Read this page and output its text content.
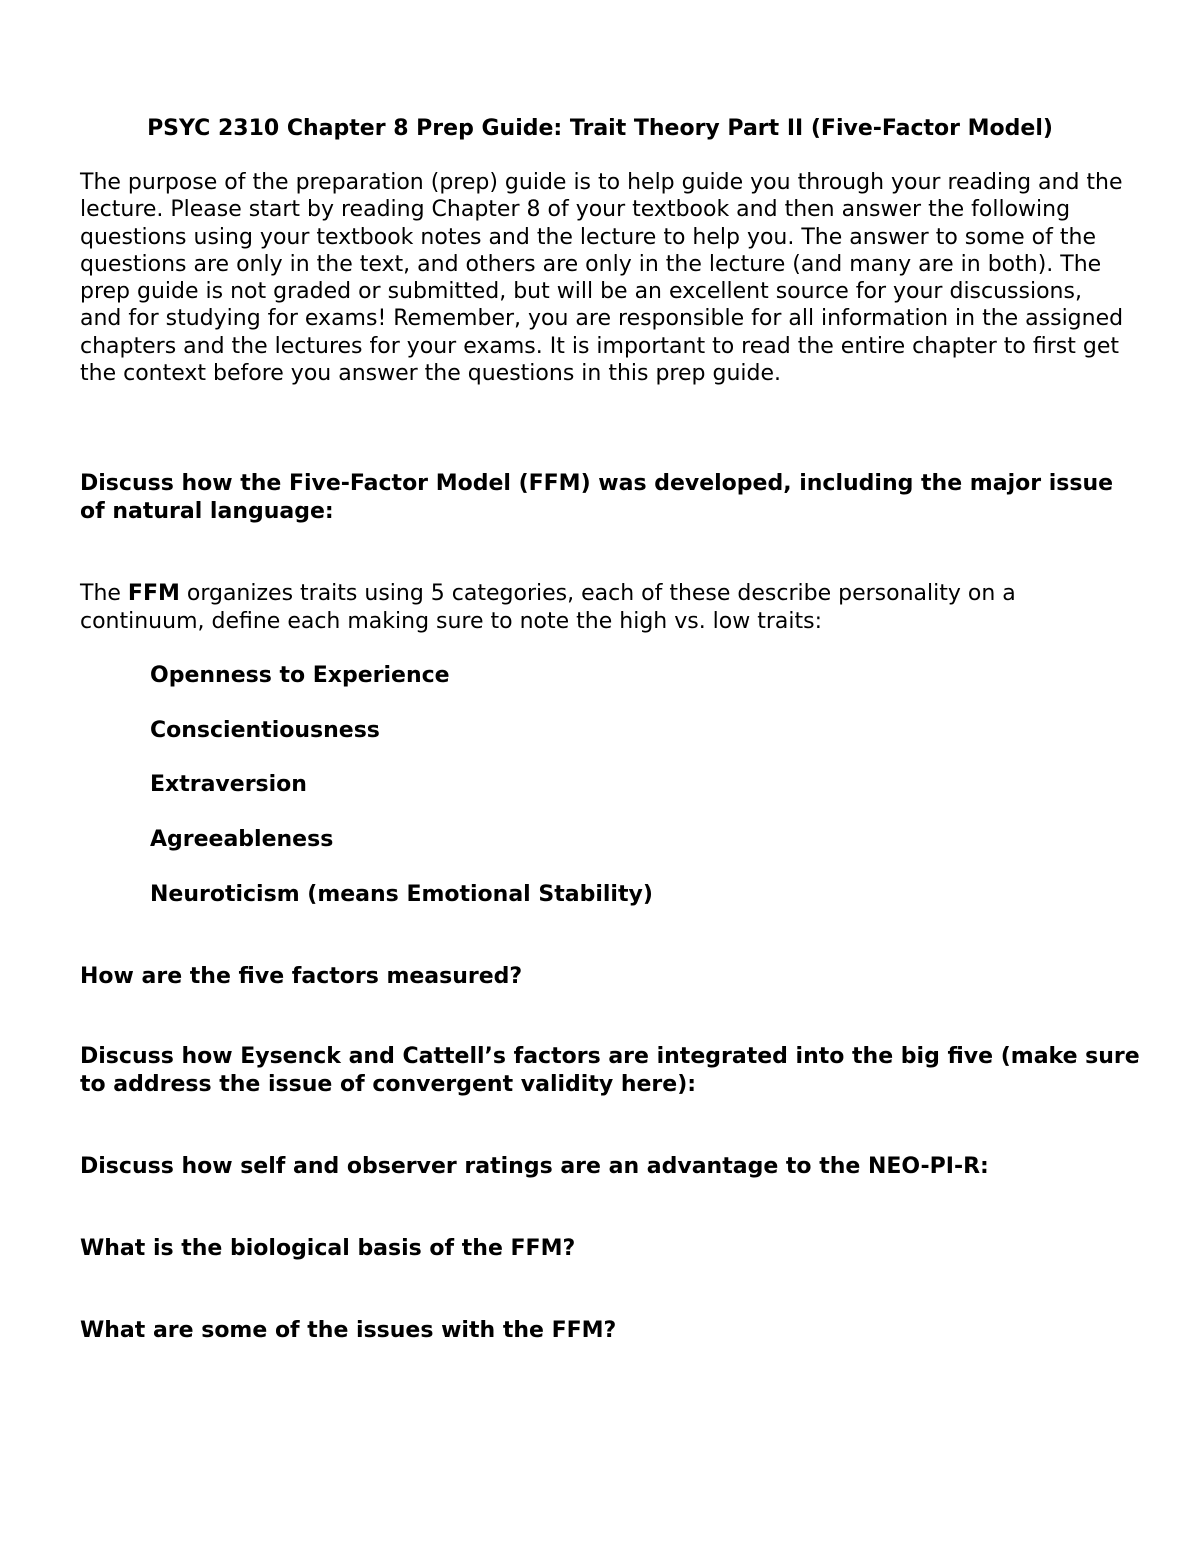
PSYC 2310 Chapter 8 Prep Guide: Trait Theory Part II (Five-Factor Model)

The purpose of the preparation (prep) guide is to help guide you through your reading and the lecture. Please start by reading Chapter 8 of your textbook and then answer the following questions using your textbook notes and the lecture to help you. The answer to some of the questions are only in the text, and others are only in the lecture (and many are in both). The prep guide is not graded or submitted, but will be an excellent source for your discussions, and for studying for exams! Remember, you are responsible for all information in the assigned chapters and the lectures for your exams. It is important to read the entire chapter to first get the context before you answer the questions in this prep guide.

Discuss how the Five-Factor Model (FFM) was developed, including the major issue of natural language:

The FFM organizes traits using 5 categories, each of these describe personality on a continuum, define each making sure to note the high vs. low traits:

Openness to Experience

Conscientiousness

Extraversion

Agreeableness

Neuroticism (means Emotional Stability)

How are the five factors measured?

Discuss how Eysenck and Cattell’s factors are integrated into the big five (make sure to address the issue of convergent validity here):

Discuss how self and observer ratings are an advantage to the NEO-PI-R:

What is the biological basis of the FFM?

What are some of the issues with the FFM?
